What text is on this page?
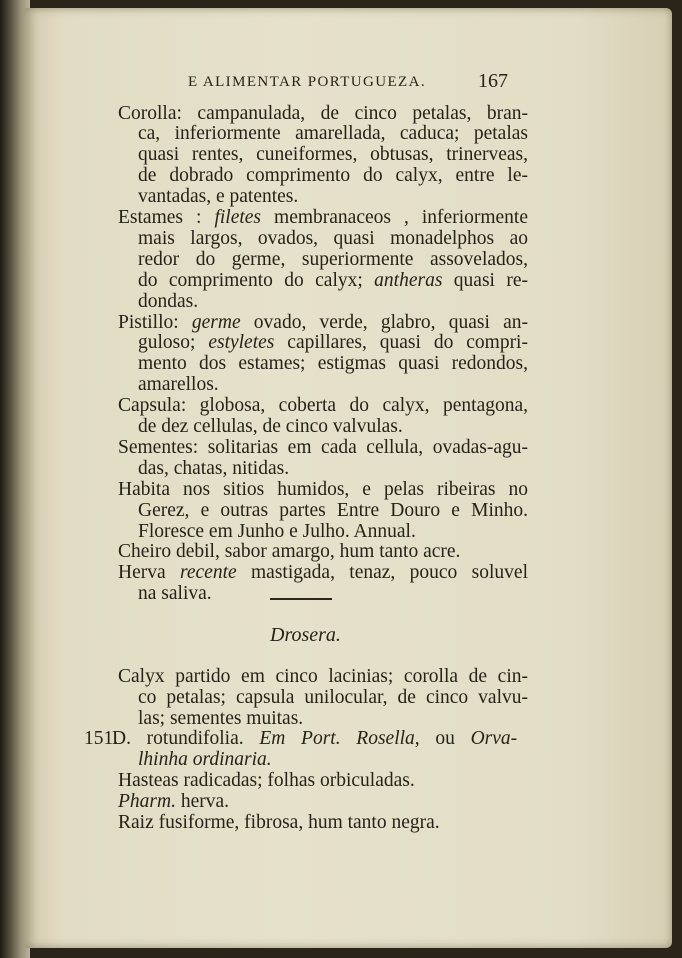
E ALIMENTAR PORTUGUEZA.	167
Corolla: campanulada, de cinco petalas, bran-
ca, inferiormente amarellada, caduca; petalas
quasi rentes, cuneiformes, obtusas, trinerveas,
de dobrado comprimento do calyx, entre le-
vantadas, e patentes.
Estames : filetes membranaceos , inferiormente
mais largos, ovados, quasi monadelphos ao
redor do germe, superiormente assovelados,
do comprimento do calyx; antheras quasi re-
dondas.
Pistillo: germe ovado, verde, glabro, quasi an-
guloso; estyletes capillares, quasi do compri-
mento dos estames; estigmas quasi redondos,
amarellos.
Capsula: globosa, coberta do calyx, pentagona,
de dez cellulas, de cinco valvulas.
Sementes: solitarias em cada cellula, ovadas-agu-
das, chatas, nitidas.
Habita nos sitios humidos, e pelas ribeiras no
Gerez, e outras partes Entre Douro e Minho.
Floresce em Junho e Julho. Annual.
Cheiro debil, sabor amargo, hum tanto acre.
Herva recente mastigada, tenaz, pouco soluvel
na saliva.
Calyx partido em cinco lacinias; corolla de cin-
co petalas; capsula unilocular, de cinco valvu-
las; sementes muitas.
D. rotundifolia. Em Port. Rosella, ou Orva-
lhinha ordinaria.
Hasteas radicadas; folhas orbiculadas.
Pharm. herva.
Raiz fusiforme, fibrosa, hum tanto negra.
Drosera.
151.
